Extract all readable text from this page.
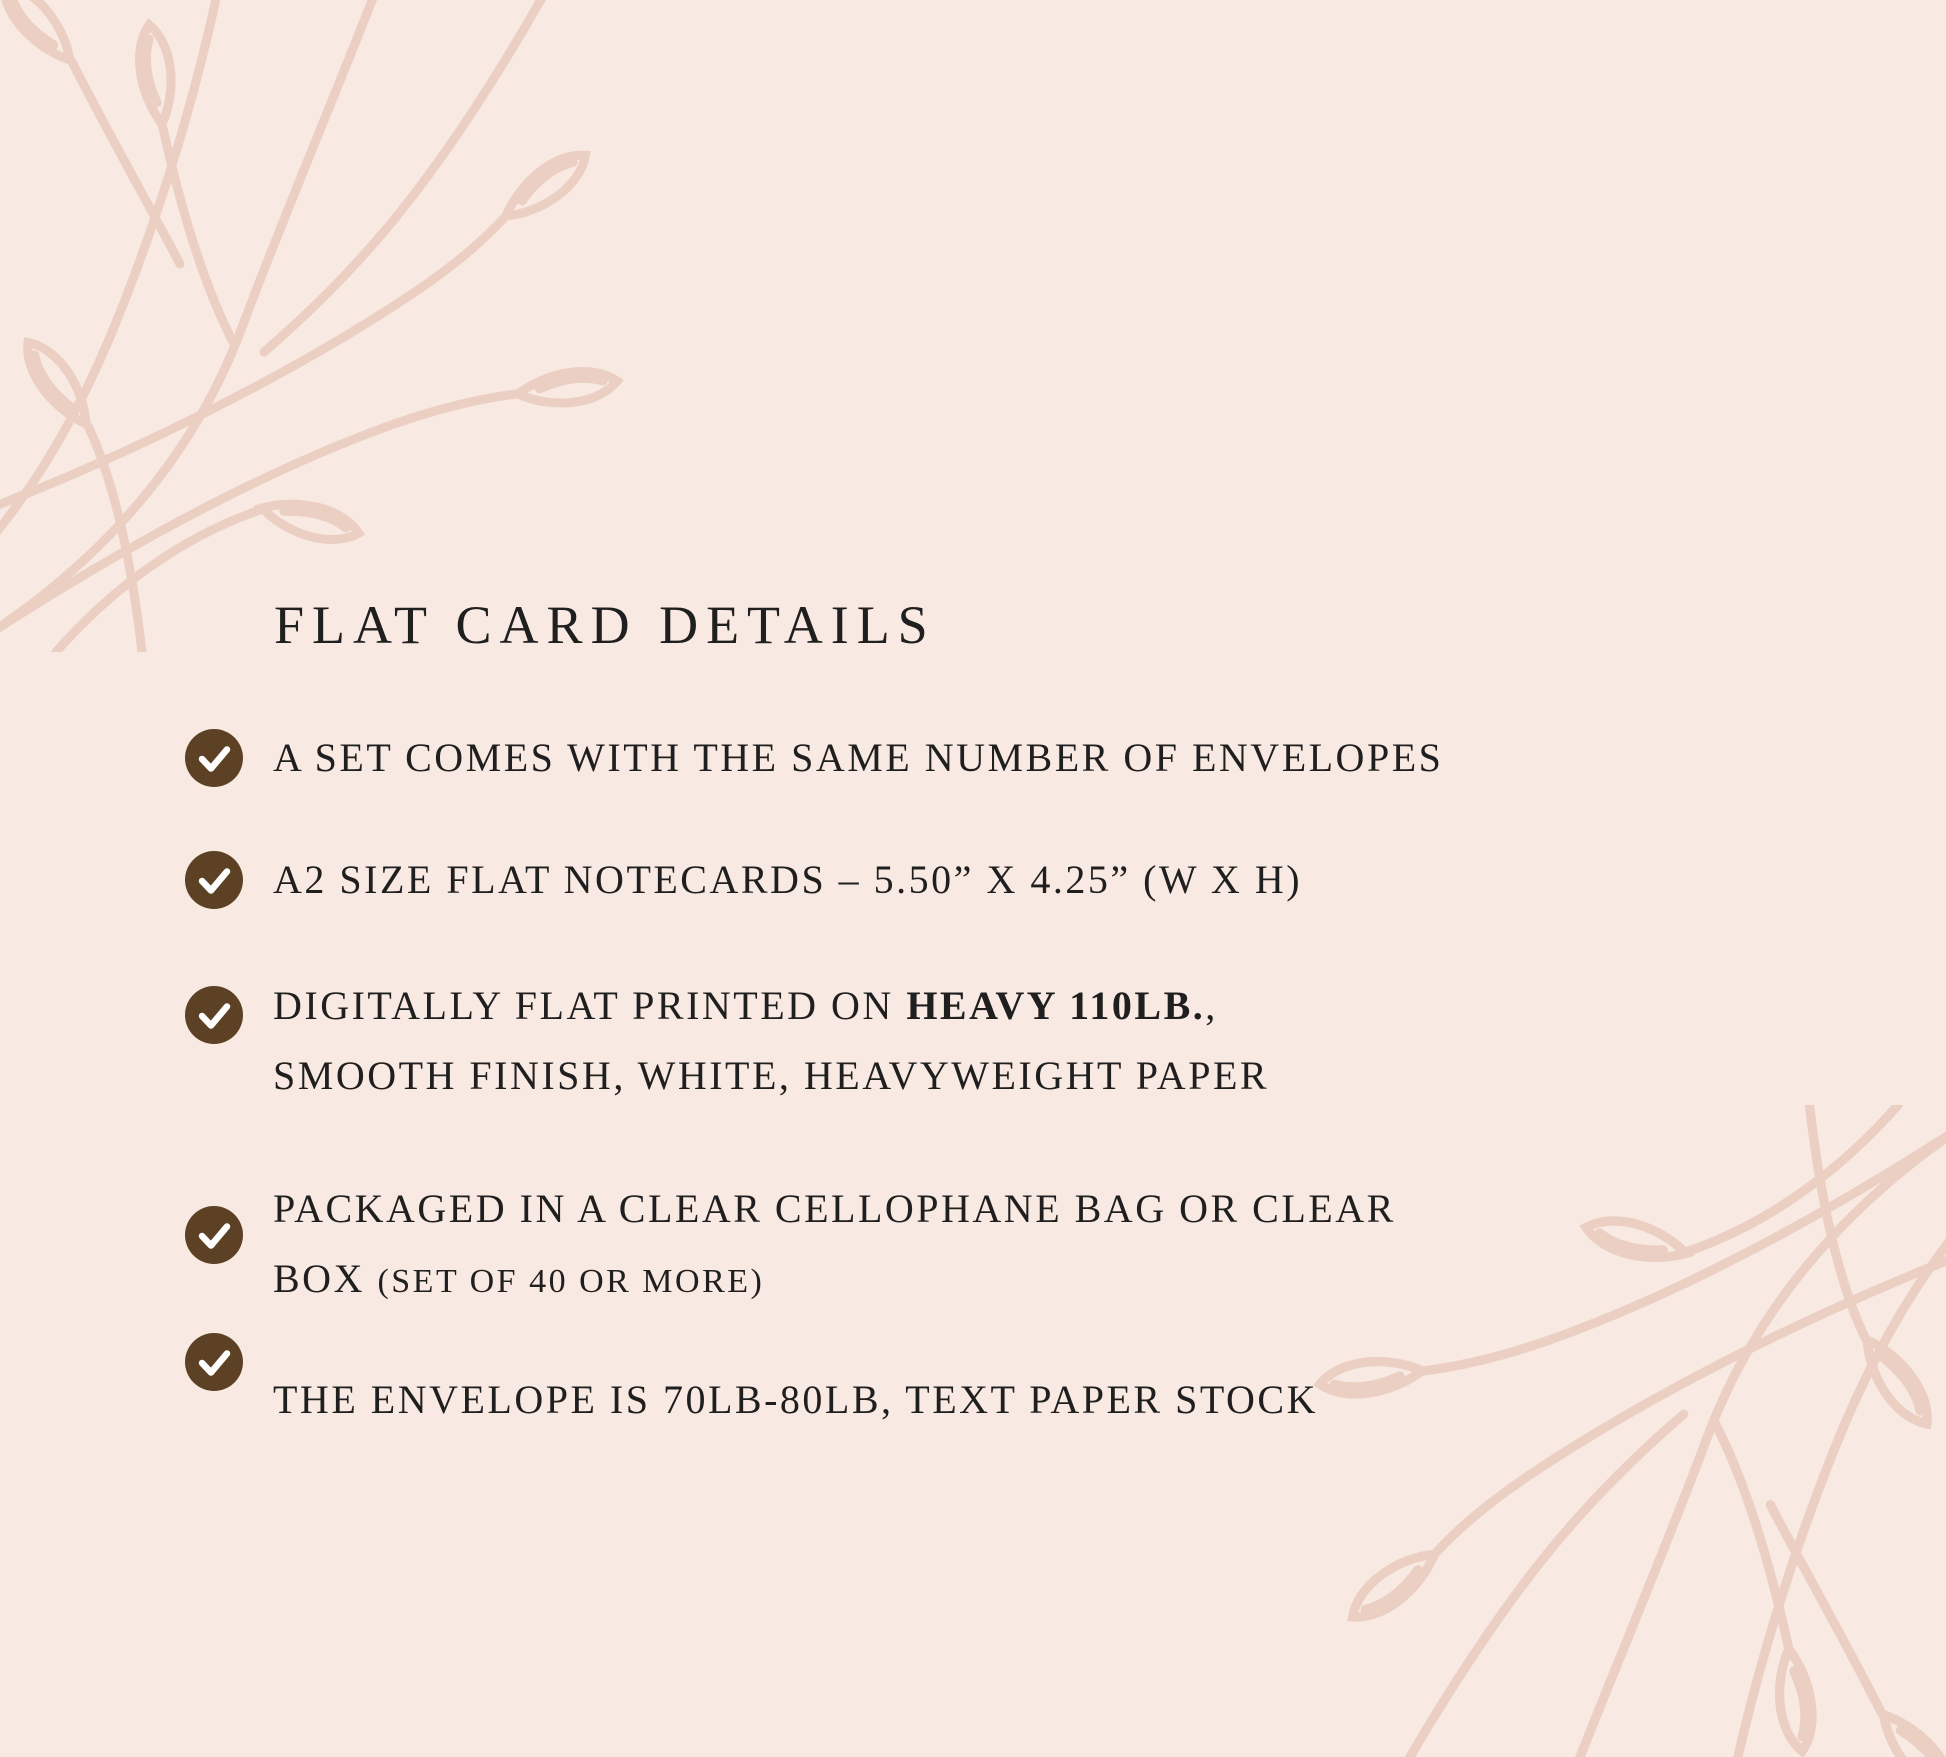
FLAT CARD DETAILS

A SET COMES WITH THE SAME NUMBER OF ENVELOPES

A2 SIZE FLAT NOTECARDS – 5.50” X 4.25” (W X H)

DIGITALLY FLAT PRINTED ON HEAVY 110LB.,

SMOOTH FINISH, WHITE, HEAVYWEIGHT PAPER

PACKAGED IN A CLEAR CELLOPHANE BAG OR CLEAR

BOX (SET OF 40 OR MORE)

THE ENVELOPE IS 70LB-80LB, TEXT PAPER STOCK
